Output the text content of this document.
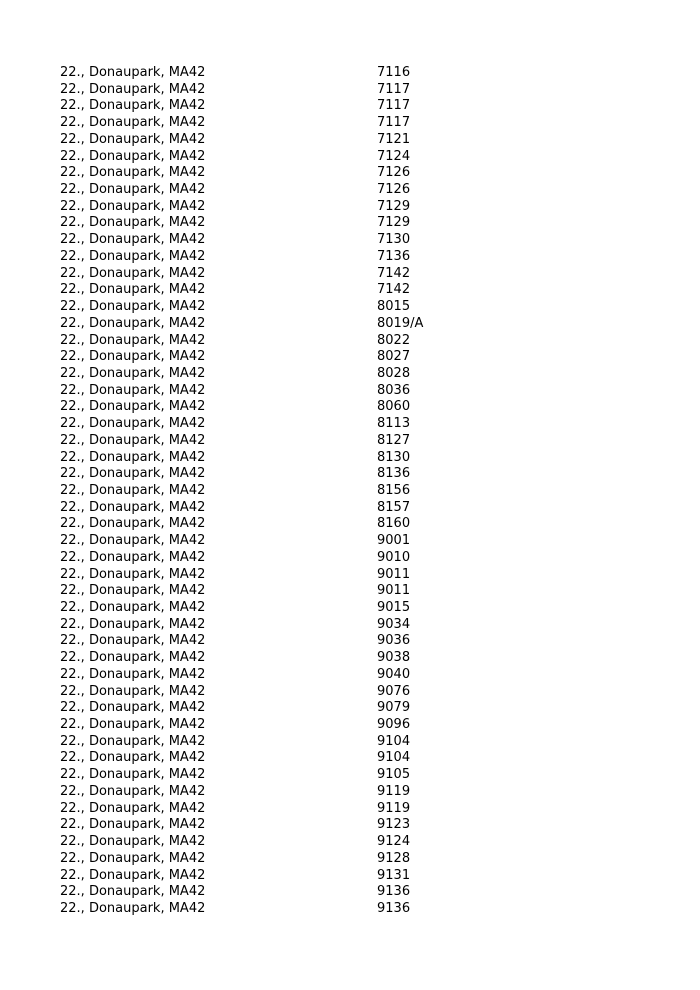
22., Donaupark, MA42	7116
22., Donaupark, MA42	7117
22., Donaupark, MA42	7117
22., Donaupark, MA42	7117
22., Donaupark, MA42	7121
22., Donaupark, MA42	7124
22., Donaupark, MA42	7126
22., Donaupark, MA42	7126
22., Donaupark, MA42	7129
22., Donaupark, MA42	7129
22., Donaupark, MA42	7130
22., Donaupark, MA42	7136
22., Donaupark, MA42	7142
22., Donaupark, MA42	7142
22., Donaupark, MA42	8015
22., Donaupark, MA42	8019/A
22., Donaupark, MA42	8022
22., Donaupark, MA42	8027
22., Donaupark, MA42	8028
22., Donaupark, MA42	8036
22., Donaupark, MA42	8060
22., Donaupark, MA42	8113
22., Donaupark, MA42	8127
22., Donaupark, MA42	8130
22., Donaupark, MA42	8136
22., Donaupark, MA42	8156
22., Donaupark, MA42	8157
22., Donaupark, MA42	8160
22., Donaupark, MA42	9001
22., Donaupark, MA42	9010
22., Donaupark, MA42	9011
22., Donaupark, MA42	9011
22., Donaupark, MA42	9015
22., Donaupark, MA42	9034
22., Donaupark, MA42	9036
22., Donaupark, MA42	9038
22., Donaupark, MA42	9040
22., Donaupark, MA42	9076
22., Donaupark, MA42	9079
22., Donaupark, MA42	9096
22., Donaupark, MA42	9104
22., Donaupark, MA42	9104
22., Donaupark, MA42	9105
22., Donaupark, MA42	9119
22., Donaupark, MA42	9119
22., Donaupark, MA42	9123
22., Donaupark, MA42	9124
22., Donaupark, MA42	9128
22., Donaupark, MA42	9131
22., Donaupark, MA42	9136
22., Donaupark, MA42	9136
